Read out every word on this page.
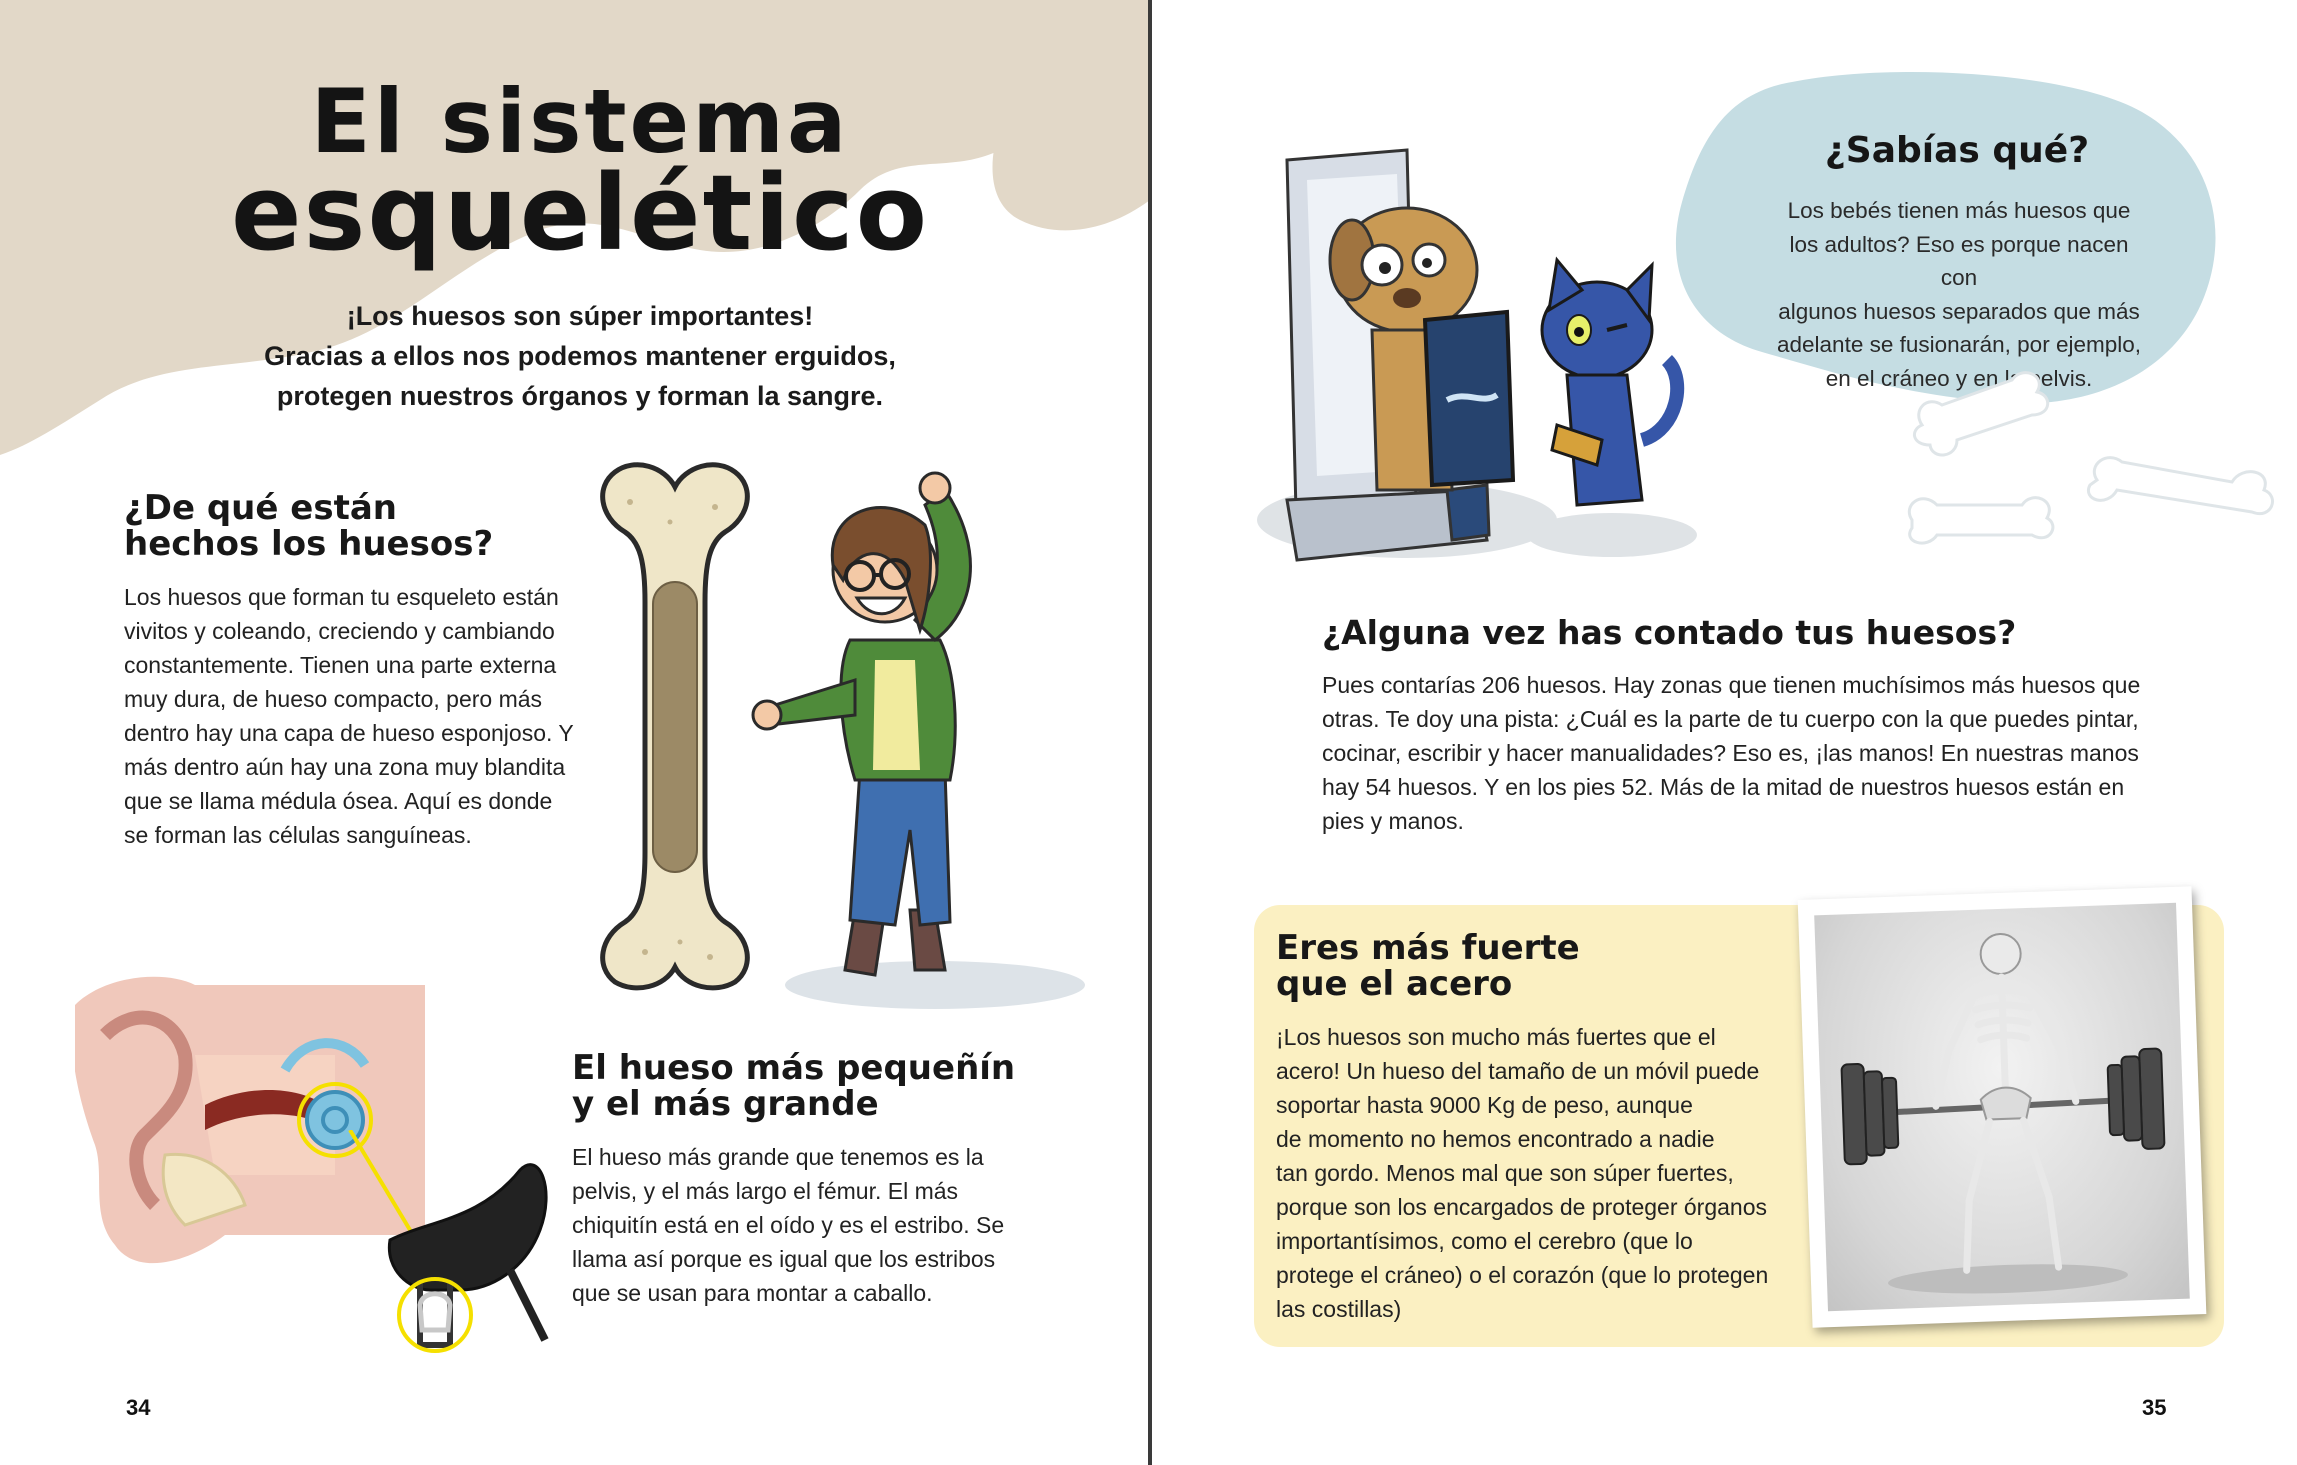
El sistema
esquelético
¡Los huesos son súper importantes!
Gracias a ellos nos podemos mantener erguidos,
protegen nuestros órganos y forman la sangre.
¿De qué están
hechos los huesos?
Los huesos que forman tu esqueleto están
vivitos y coleando, creciendo y cambiando
constantemente. Tienen una parte externa
muy dura, de hueso compacto, pero más
dentro hay una capa de hueso esponjoso. Y
más dentro aún hay una zona muy blandita
que se llama médula ósea. Aquí es donde
se forman las células sanguíneas.
El hueso más pequeñín
y el más grande
El hueso más grande que tenemos es la
pelvis, y el más largo el fémur. El más
chiquitín está en el oído y es el estribo. Se
llama así porque es igual que los estribos
que se usan para montar a caballo.
34
¿Sabías qué?
Los bebés tienen más huesos que
los adultos? Eso es porque nacen con
algunos huesos separados que más
adelante se fusionarán, por ejemplo,
en el cráneo y en la pelvis.
¿Alguna vez has contado tus huesos?
Pues contarías 206 huesos. Hay zonas que tienen muchísimos más huesos que
otras. Te doy una pista: ¿Cuál es la parte de tu cuerpo con la que puedes pintar,
cocinar, escribir y hacer manualidades? Eso es, ¡las manos! En nuestras manos
hay 54 huesos. Y en los pies 52. Más de la mitad de nuestros huesos están en
pies y manos.
Eres más fuerte
que el acero
¡Los huesos son mucho más fuertes que el
acero! Un hueso del tamaño de un móvil puede
soportar hasta 9000 Kg de peso, aunque
de momento no hemos encontrado a nadie
tan gordo. Menos mal que son súper fuertes,
porque son los encargados de proteger órganos
importantísimos, como el cerebro (que lo
protege el cráneo) o el corazón (que lo protegen
las costillas)
35
